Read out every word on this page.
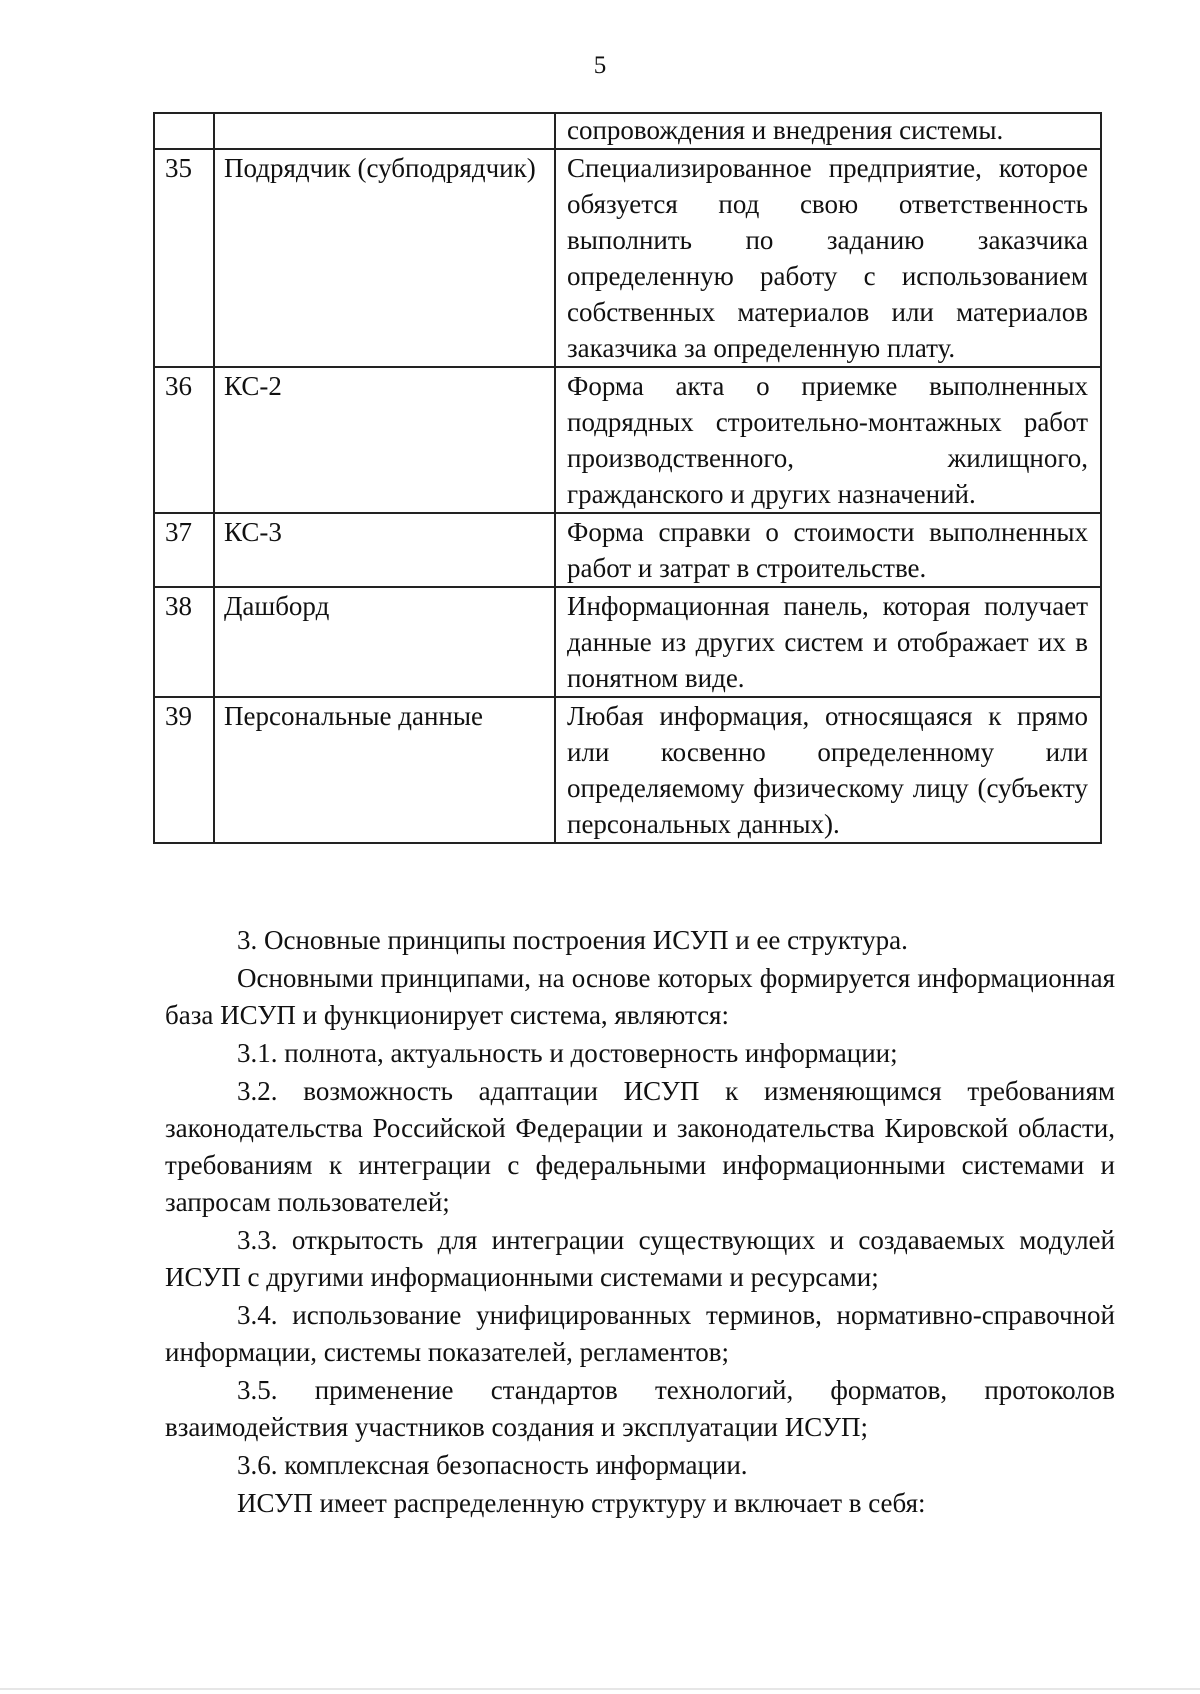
5
		сопровождения и внедрения системы.
35	Подрядчик (субподрядчик)	Специализированное предприятие, которое обязуется под свою ответственность выполнить по заданию заказчика определенную работу с использованием собственных материалов или материалов заказчика за определенную плату.
36	КС-2	Форма акта о приемке выполненных подрядных строительно-монтажных работ производственного, жилищного, гражданского и других назначений.
37	КС-3	Форма справки о стоимости выполненных работ и затрат в строительстве.
38	Дашборд	Информационная панель, которая получает данные из других систем и отображает их в понятном виде.
39	Персональные данные	Любая информация, относящаяся к прямо или косвенно определенному или определяемому физическому лицу (субъекту персональных данных).

3. Основные принципы построения ИСУП и ее структура.

Основными принципами, на основе которых формируется информационная база ИСУП и функционирует система, являются:

3.1. полнота, актуальность и достоверность информации;

3.2. возможность адаптации ИСУП к изменяющимся требованиям законодательства Российской Федерации и законодательства Кировской области, требованиям к интеграции с федеральными информационными системами и запросам пользователей;

3.3. открытость для интеграции существующих и создаваемых модулей ИСУП с другими информационными системами и ресурсами;

3.4. использование унифицированных терминов, нормативно-справочной информации, системы показателей, регламентов;

3.5. применение стандартов технологий, форматов, протоколов взаимодействия участников создания и эксплуатации ИСУП;

3.6. комплексная безопасность информации.

ИСУП имеет распределенную структуру и включает в себя:
